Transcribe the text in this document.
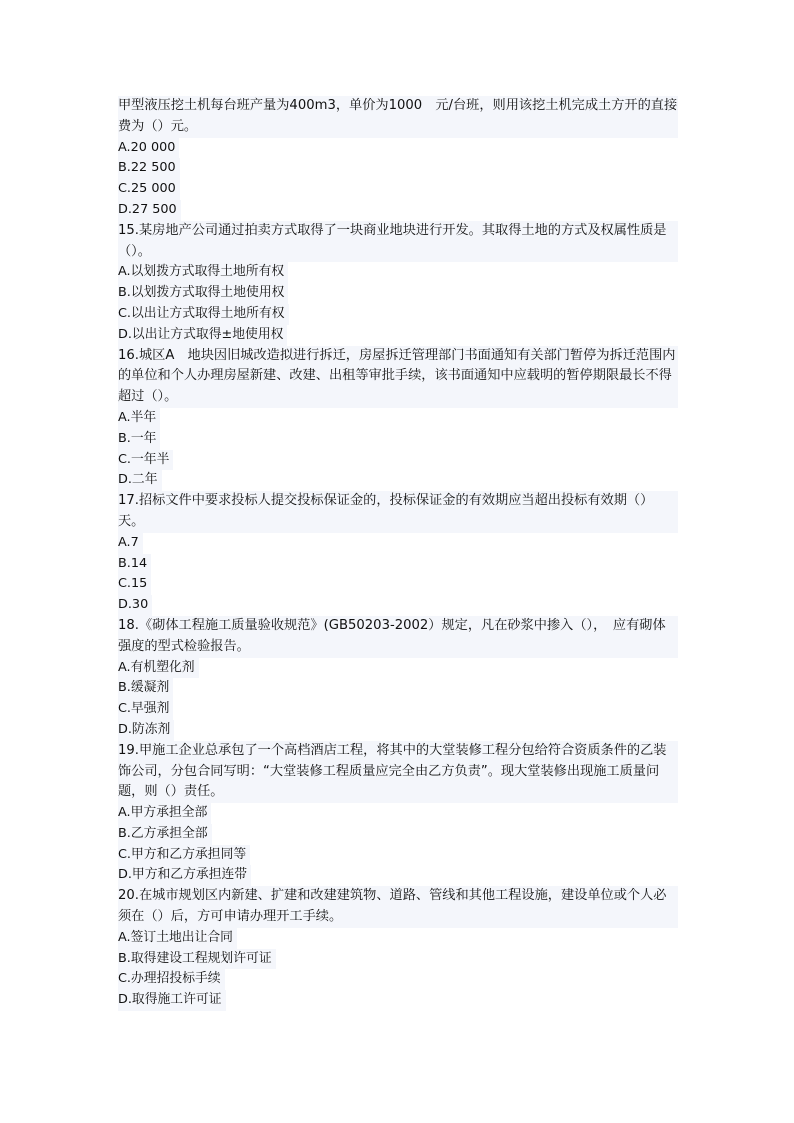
甲型液压挖土机每台班产量为400m3，单价为1000　元/台班，则用该挖土机完成土方开的直接费为（）元。
A.20 000
B.22 500
C.25 000
D.27 500
15.某房地产公司通过拍卖方式取得了一块商业地块进行开发。其取得土地的方式及权属性质是（）。
A.以划拨方式取得土地所有权
B.以划拨方式取得土地使用权
C.以出让方式取得土地所有权
D.以出让方式取得±地使用权
16.城区A　地块因旧城改造拟进行拆迁，房屋拆迁管理部门书面通知有关部门暂停为拆迁范围内的单位和个人办理房屋新建、改建、出租等审批手续，该书面通知中应载明的暂停期限最长不得超过（）。
A.半年
B.一年
C.一年半
D.二年
17.招标文件中要求投标人提交投标保证金的，投标保证金的有效期应当超出投标有效期（）天。
A.7
B.14
C.15
D.30
18.《砌体工程施工质量验收规范》(GB50203-2002）规定，凡在砂浆中掺入（），　应有砌体强度的型式检验报告。
A.有机塑化剂
B.缓凝剂
C.早强剂
D.防冻剂
19.甲施工企业总承包了一个高档酒店工程，将其中的大堂装修工程分包给符合资质条件的乙装饰公司，分包合同写明：“大堂装修工程质量应完全由乙方负责”。现大堂装修出现施工质量问题，则（）责任。
A.甲方承担全部
B.乙方承担全部
C.甲方和乙方承担同等
D.甲方和乙方承担连带
20.在城市规划区内新建、扩建和改建建筑物、道路、管线和其他工程设施，建设单位或个人必须在（）后，方可申请办理开工手续。
A.签订土地出让合同
B.取得建设工程规划许可证
C.办理招投标手续
D.取得施工许可证
